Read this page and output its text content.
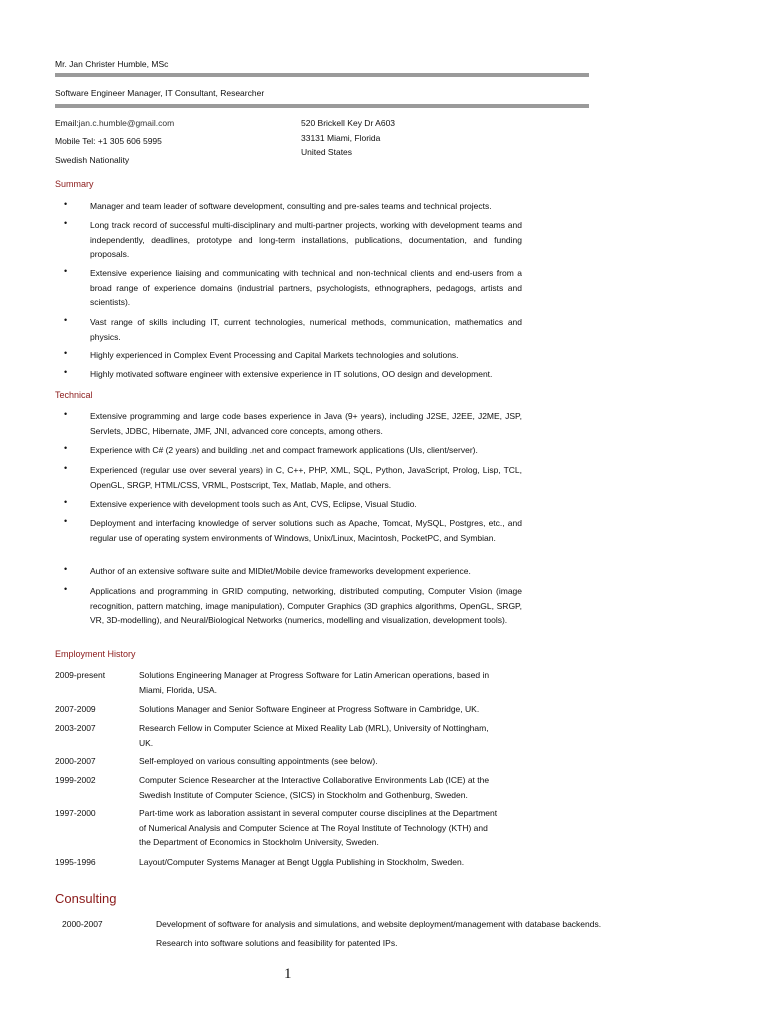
Mr. Jan Christer Humble, MSc
Software Engineer Manager, IT Consultant, Researcher
Email:jan.c.humble@gmail.com
Mobile Tel: +1 305 606 5995
Swedish Nationality
520 Brickell Key Dr A603
33131 Miami, Florida
United States
Summary
•	Manager and team leader of software development, consulting and pre-sales teams and technical projects.
•	Long track record of successful multi-disciplinary and multi-partner projects, working with development teams and independently, deadlines, prototype and long-term installations, publications, documentation, and funding proposals.
•	Extensive experience liaising and communicating with technical and non-technical clients and end-users from a broad range of experience domains (industrial partners, psychologists, ethnographers, pedagogs, artists and scientists).
•	Vast range of skills including IT, current technologies, numerical methods, communication, mathematics and physics.
•	Highly experienced in Complex Event Processing and Capital Markets technologies and solutions.
•	Highly motivated software engineer with extensive experience in IT solutions, OO design and development.
Technical
•	Extensive programming and large code bases experience in Java (9+ years), including J2SE, J2EE, J2ME, JSP, Servlets, JDBC, Hibernate, JMF, JNI, advanced core concepts, among others.
•	Experience with C# (2 years) and building .net and compact framework applications (UIs, client/server).
•	Experienced (regular use over several years) in C, C++, PHP, XML, SQL, Python, JavaScript, Prolog, Lisp, TCL, OpenGL, SRGP, HTML/CSS, VRML, Postscript, Tex, Matlab, Maple, and others.
•	Extensive experience with development tools such as Ant, CVS, Eclipse, Visual Studio.
•	Deployment and interfacing knowledge of server solutions such as Apache, Tomcat, MySQL, Postgres, etc., and regular use of operating system environments of Windows, Unix/Linux, Macintosh, PocketPC, and Symbian.
•	Author of an extensive software suite and MIDlet/Mobile device frameworks development experience.
•	Applications and programming in GRID computing, networking, distributed computing, Computer Vision (image recognition, pattern matching, image manipulation), Computer Graphics (3D graphics algorithms, OpenGL, SRGP, VR, 3D-modelling), and Neural/Biological Networks (numerics, modelling and visualization, development tools).
Employment History
2009-present	Solutions Engineering Manager at Progress Software for Latin American operations, based in
Miami, Florida, USA.
2007-2009	Solutions Manager and Senior Software Engineer at Progress Software in Cambridge, UK.
2003-2007	Research Fellow in Computer Science at Mixed Reality Lab (MRL), University of Nottingham,
UK.
2000-2007	Self-employed on various consulting appointments (see below).
1999-2002	Computer Science Researcher at the Interactive Collaborative Environments Lab (ICE) at the
Swedish Institute of Computer Science, (SICS) in Stockholm and Gothenburg, Sweden.
1997-2000	Part-time work as laboration assistant in several computer course disciplines at the Department
of Numerical Analysis and Computer Science at The Royal Institute of Technology (KTH) and
the Department of Economics in Stockholm University, Sweden.
1995-1996	Layout/Computer Systems Manager at Bengt Uggla Publishing in Stockholm, Sweden.
Consulting
2000-2007	Development of software for analysis and simulations, and website deployment/management with database backends.
Research into software solutions and feasibility for patented IPs.
1
